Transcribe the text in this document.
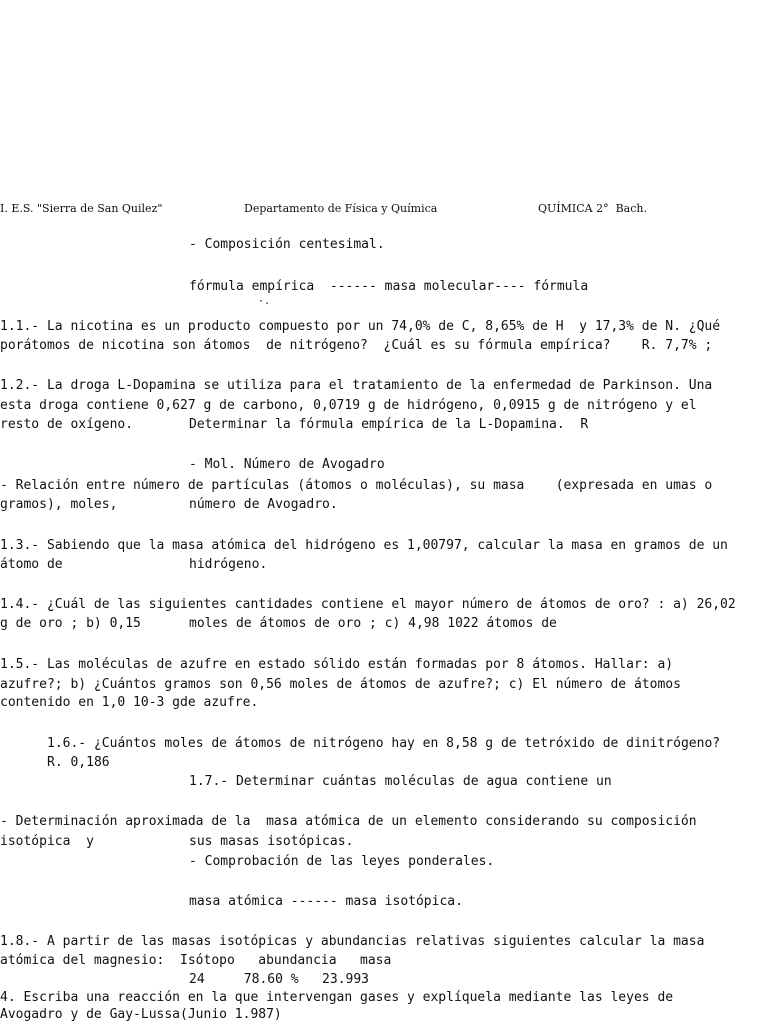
I. E.S. "Sierra de San Quilez"	Departamento de Física y Química	QUÍMICA 2°  Bach.
- Composición centesimal.
fórmula empírica  ------ masa molecular---- fórmula
·.
1.1.- La nicotina es un producto compuesto por un 74,0% de C, 8,65% de H  y 17,3% de N. ¿Qué
porátomos de nicotina son átomos  de nitrógeno?  ¿Cuál es su fórmula empírica?    R. 7,7% ;
1.2.- La droga L-Dopamina se utiliza para el tratamiento de la enfermedad de Parkinson. Una
esta droga contiene 0,627 g de carbono, 0,0719 g de hidrógeno, 0,0915 g de nitrógeno y el
resto de oxígeno.	Determinar la fórmula empírica de la L-Dopamina.  R
- Mol. Número de Avogadro
- Relación entre número de partículas (átomos o moléculas), su masa    (expresada en umas o
gramos), moles,	número de Avogadro.
1.3.- Sabiendo que la masa atómica del hidrógeno es 1,00797, calcular la masa en gramos de un
átomo de	hidrógeno.
1.4.- ¿Cuál de las siguientes cantidades contiene el mayor número de átomos de oro? : a) 26,02
g de oro ; b) 0,15	moles de átomos de oro ; c) 4,98 1022 átomos de
1.5.- Las moléculas de azufre en estado sólido están formadas por 8 átomos. Hallar: a)
azufre?; b) ¿Cuántos gramos son 0,56 moles de átomos de azufre?; c) El número de átomos
contenido en 1,0 10-3 gde azufre.
1.6.- ¿Cuántos moles de átomos de nitrógeno hay en 8,58 g de tetróxido de dinitrógeno?
R. 0,186
1.7.- Determinar cuántas moléculas de agua contiene un
- Determinación aproximada de la  masa atómica de un elemento considerando su composición
isotópica  y	sus masas isotópicas.
- Comprobación de las leyes ponderales.
masa atómica ------ masa isotópica.
1.8.- A partir de las masas isotópicas y abundancias relativas siguientes calcular la masa
atómica del magnesio:  Isótopo   abundancia   masa
24     78.60 %   23.993
4. Escriba una reacción en la que intervengan gases y explíquela mediante las leyes de
Avogadro y de Gay-Lussa(Junio 1.987)
